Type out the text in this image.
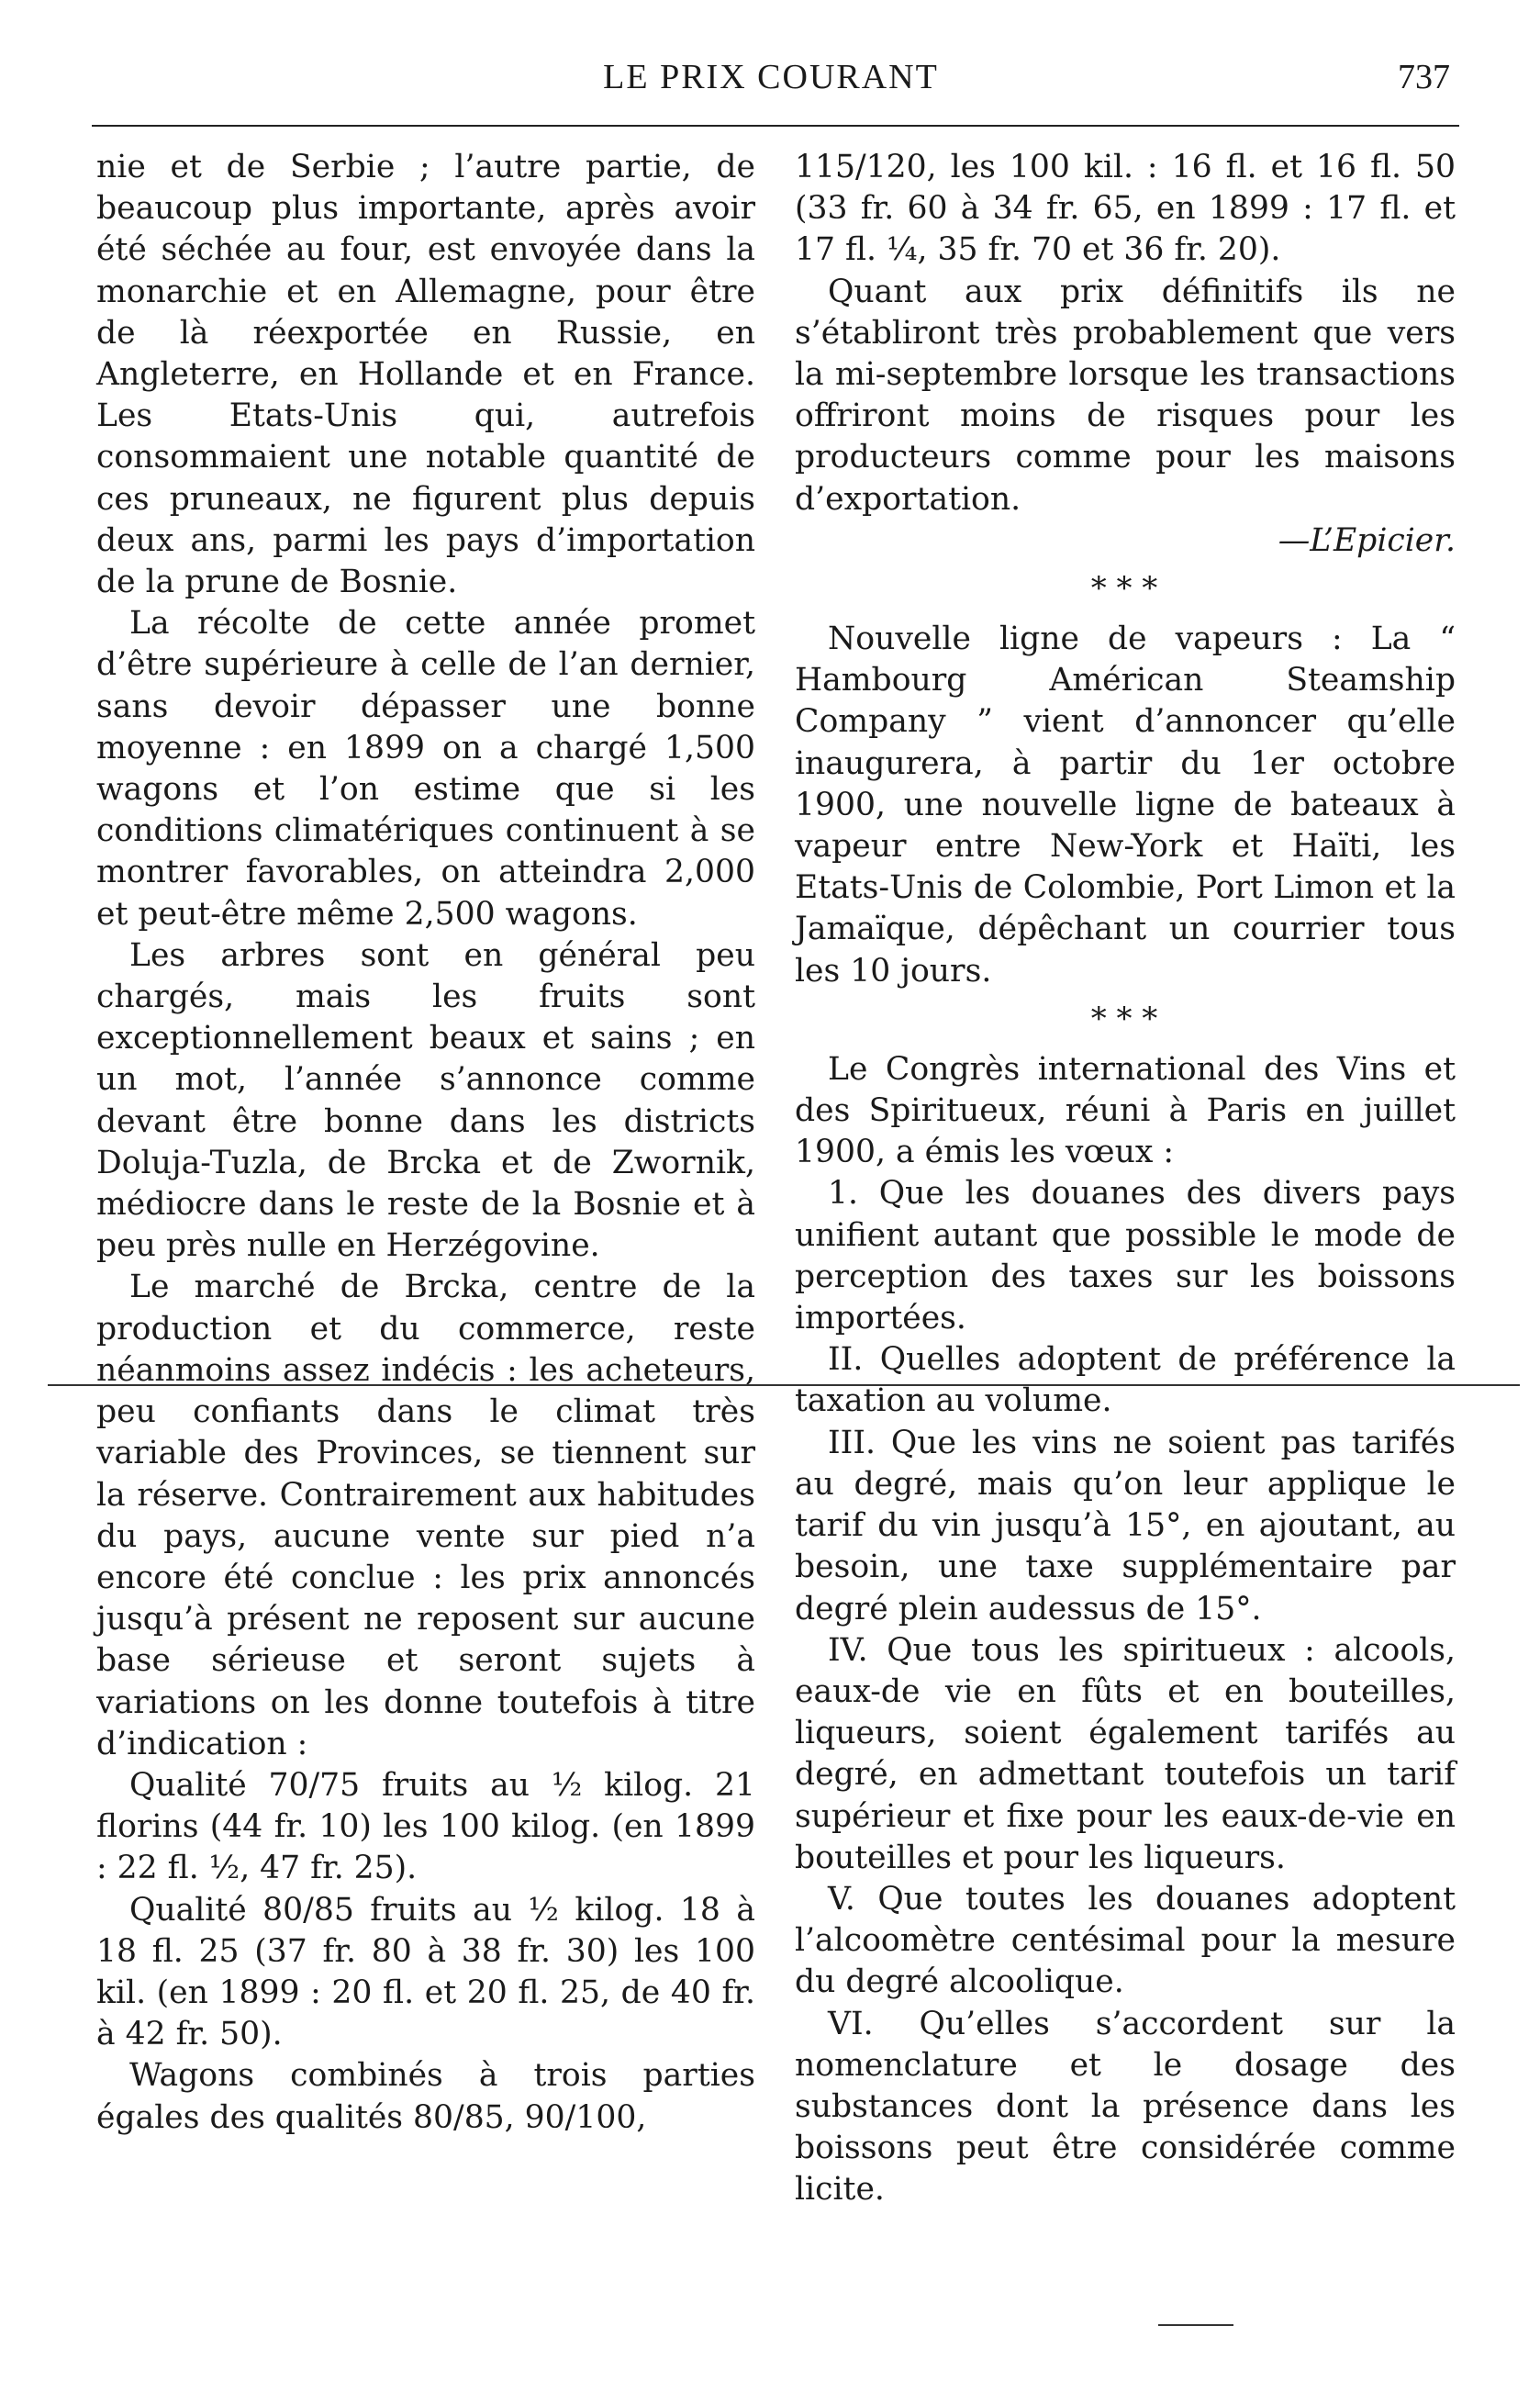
LE PRIX COURANT	737

nie et de Serbie ; l’autre partie, de beaucoup plus importante, après avoir été séchée au four, est envoyée dans la monarchie et en Allemagne, pour être de là réexportée en Russie, en Angleterre, en Hollande et en France. Les Etats-Unis qui, autrefois consommaient une notable quantité de ces pruneaux, ne figurent plus depuis deux ans, parmi les pays d’importation de la prune de Bosnie.

La récolte de cette année promet d’être supérieure à celle de l’an dernier, sans devoir dépasser une bonne moyenne : en 1899 on a chargé 1,500 wagons et l’on estime que si les conditions climatériques continuent à se montrer favorables, on atteindra 2,000 et peut-être même 2,500 wagons.

Les arbres sont en général peu chargés, mais les fruits sont exceptionnellement beaux et sains ; en un mot, l’année s’annonce comme devant être bonne dans les districts Doluja-Tuzla, de Brcka et de Zwornik, médiocre dans le reste de la Bosnie et à peu près nulle en Herzégovine.

Le marché de Brcka, centre de la production et du commerce, reste néanmoins assez indécis : les acheteurs, peu confiants dans le climat très variable des Provinces, se tiennent sur la réserve. Contrairement aux habitudes du pays, aucune vente sur pied n’a encore été conclue : les prix annoncés jusqu’à présent ne reposent sur aucune base sérieuse et seront sujets à variations on les donne toutefois à titre d’indication :

Qualité 70/75 fruits au ½ kilog. 21 florins (44 fr. 10) les 100 kilog. (en 1899 : 22 fl. ½, 47 fr. 25).

Qualité 80/85 fruits au ½ kilog. 18 à 18 fl. 25 (37 fr. 80 à 38 fr. 30) les 100 kil. (en 1899 : 20 fl. et 20 fl. 25, de 40 fr. à 42 fr. 50).

Wagons combinés à trois parties égales des qualités 80/85, 90/100,

115/120, les 100 kil. : 16 fl. et 16 fl. 50 (33 fr. 60 à 34 fr. 65, en 1899 : 17 fl. et 17 fl. ¼, 35 fr. 70 et 36 fr. 20).

Quant aux prix définitifs ils ne s’établiront très probablement que vers la mi-septembre lorsque les transactions offriront moins de risques pour les producteurs comme pour les maisons d’exportation.

—L’Epicier.

* * *

Nouvelle ligne de vapeurs : La “ Hambourg Américan Steamship Company ” vient d’annoncer qu’elle inaugurera, à partir du 1er octobre 1900, une nouvelle ligne de bateaux à vapeur entre New-York et Haïti, les Etats-Unis de Colombie, Port Limon et la Jamaïque, dépêchant un courrier tous les 10 jours.

* * *

Le Congrès international des Vins et des Spiritueux, réuni à Paris en juillet 1900, a émis les vœux :

1. Que les douanes des divers pays unifient autant que possible le mode de perception des taxes sur les boissons importées.

II. Quelles adoptent de préférence la taxation au volume.

III. Que les vins ne soient pas tarifés au degré, mais qu’on leur applique le tarif du vin jusqu’à 15°, en ajoutant, au besoin, une taxe supplémentaire par degré plein audessus de 15°.

IV. Que tous les spiritueux : alcools, eaux-de vie en fûts et en bouteilles, liqueurs, soient également tarifés au degré, en admettant toutefois un tarif supérieur et fixe pour les eaux-de-vie en bouteilles et pour les liqueurs.

V. Que toutes les douanes adoptent l’alcoomètre centésimal pour la mesure du degré alcoolique.

VI. Qu’elles s’accordent sur la nomenclature et le dosage des substances dont la présence dans les boissons peut être considérée comme licite.
